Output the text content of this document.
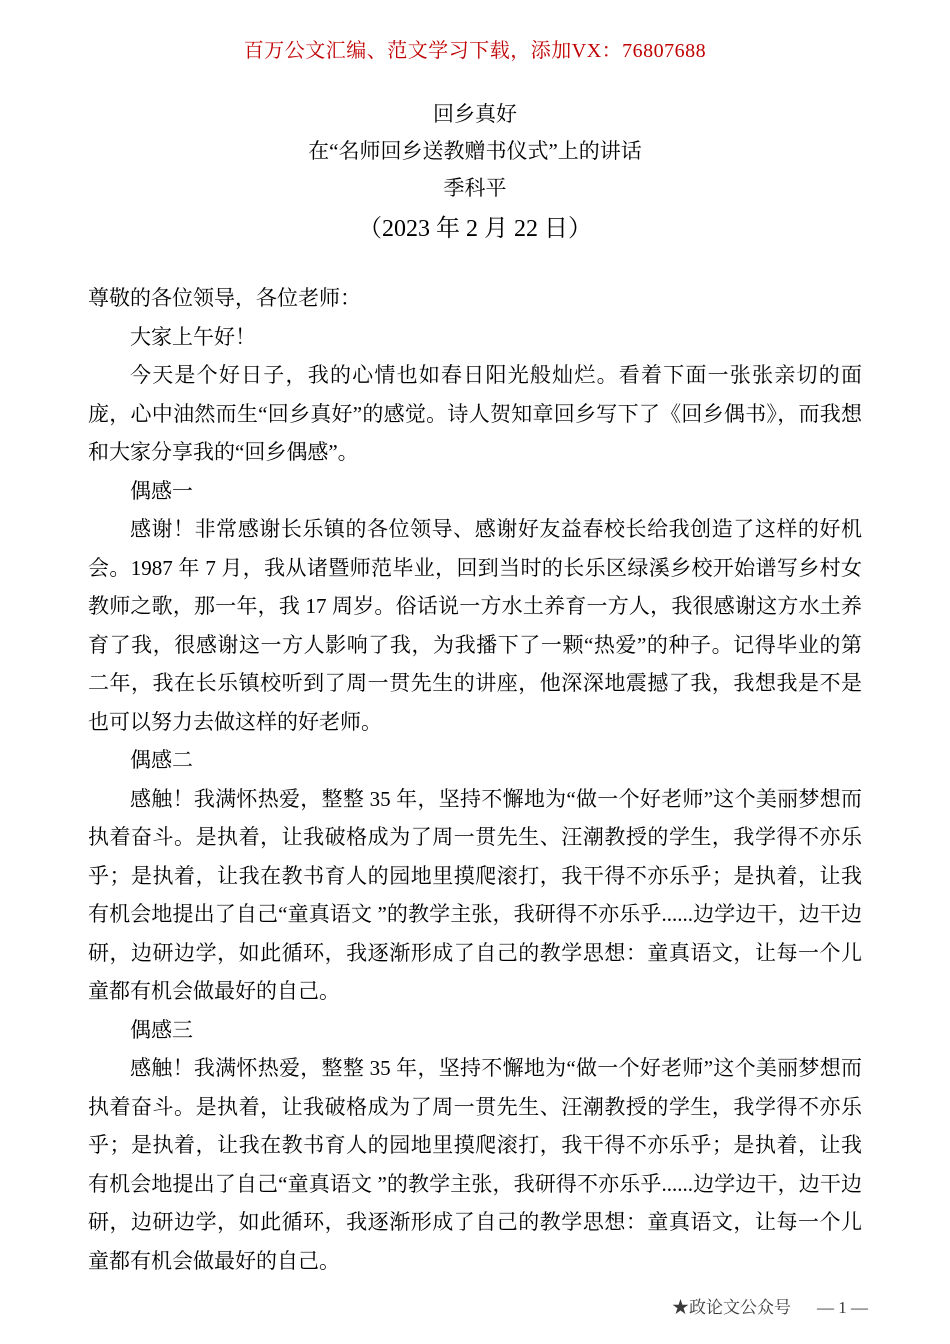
百万公文汇编、范文学习下载，添加VX：76807688
回乡真好
在“名师回乡送教赠书仪式”上的讲话
季科平
（2023 年 2 月 22 日）

尊敬的各位领导，各位老师：

大家上午好！

今天是个好日子，我的心情也如春日阳光般灿烂。看着下面一张张亲切的面庞，心中油然而生“回乡真好”的感觉。诗人贺知章回乡写下了《回乡偶书》，而我想和大家分享我的“回乡偶感”。

偶感一

感谢！非常感谢长乐镇的各位领导、感谢好友益春校长给我创造了这样的好机会。1987 年 7 月，我从诸暨师范毕业，回到当时的长乐区绿溪乡校开始谱写乡村女教师之歌，那一年，我 17 周岁。俗话说一方水土养育一方人，我很感谢这方水土养育了我，很感谢这一方人影响了我，为我播下了一颗“热爱”的种子。记得毕业的第二年，我在长乐镇校听到了周一贯先生的讲座，他深深地震撼了我，我想我是不是也可以努力去做这样的好老师。

偶感二

感触！我满怀热爱，整整 35 年，坚持不懈地为“做一个好老师”这个美丽梦想而执着奋斗。是执着，让我破格成为了周一贯先生、汪潮教授的学生，我学得不亦乐乎；是执着，让我在教书育人的园地里摸爬滚打，我干得不亦乐乎；是执着，让我有机会地提出了自己“童真语文 ”的教学主张，我研得不亦乐乎......边学边干，边干边研，边研边学，如此循环，我逐渐形成了自己的教学思想：童真语文，让每一个儿童都有机会做最好的自己。

偶感三

感触！我满怀热爱，整整 35 年，坚持不懈地为“做一个好老师”这个美丽梦想而执着奋斗。是执着，让我破格成为了周一贯先生、汪潮教授的学生，我学得不亦乐乎；是执着，让我在教书育人的园地里摸爬滚打，我干得不亦乐乎；是执着，让我有机会地提出了自己“童真语文 ”的教学主张，我研得不亦乐乎......边学边干，边干边研，边研边学，如此循环，我逐渐形成了自己的教学思想：童真语文，让每一个儿童都有机会做最好的自己。

★政论文公众号 — 1 —
